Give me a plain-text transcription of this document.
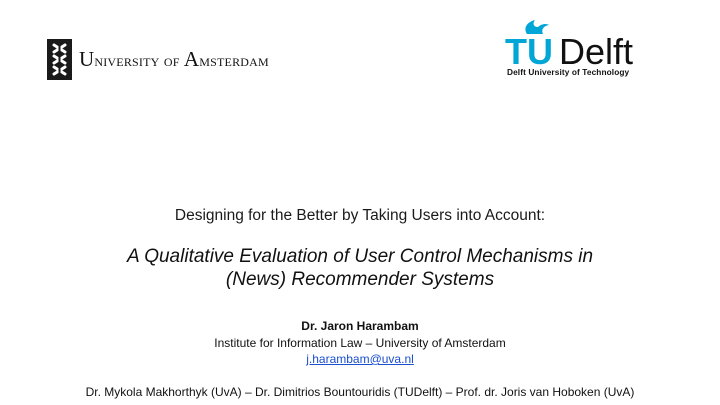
University of Amsterdam	TU Delft
Delft University of Technology
Designing for the Better by Taking Users into Account:
A Qualitative Evaluation of User Control Mechanisms in
(News) Recommender Systems
Dr. Jaron Harambam
Institute for Information Law – University of Amsterdam
j.harambam@uva.nl
Dr. Mykola Makhorthyk (UvA) – Dr. Dimitrios Bountouridis (TUDelft) – Prof. dr. Joris van Hoboken (UvA)
